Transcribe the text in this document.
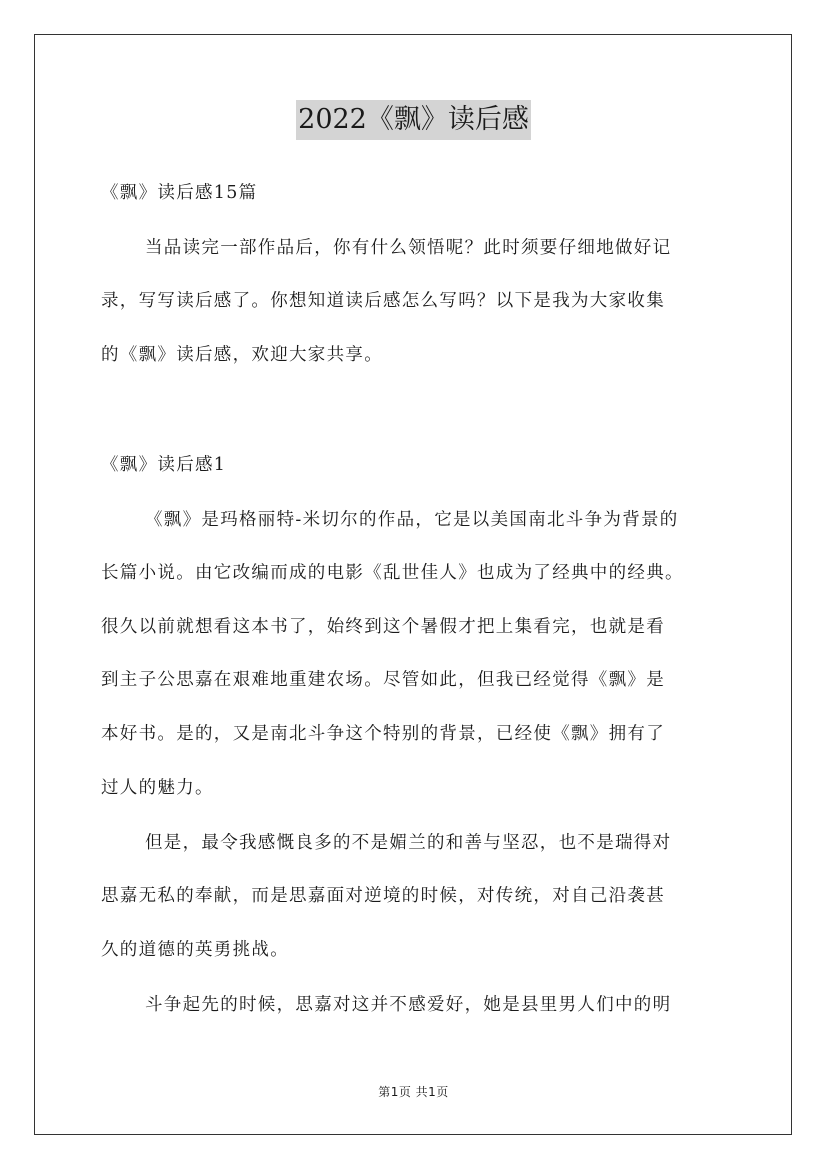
2022《飘》读后感
《飘》读后感15篇
当品读完一部作品后，你有什么领悟呢？此时须要仔细地做好记
录，写写读后感了。你想知道读后感怎么写吗？以下是我为大家收集
的《飘》读后感，欢迎大家共享。
《飘》读后感1
《飘》是玛格丽特-米切尔的作品，它是以美国南北斗争为背景的
长篇小说。由它改编而成的电影《乱世佳人》也成为了经典中的经典。
很久以前就想看这本书了，始终到这个暑假才把上集看完，也就是看
到主子公思嘉在艰难地重建农场。尽管如此，但我已经觉得《飘》是
本好书。是的，又是南北斗争这个特别的背景，已经使《飘》拥有了
过人的魅力。
但是，最令我感慨良多的不是媚兰的和善与坚忍，也不是瑞得对
思嘉无私的奉献，而是思嘉面对逆境的时候，对传统，对自己沿袭甚
久的道德的英勇挑战。
斗争起先的时候，思嘉对这并不感爱好，她是县里男人们中的明
第1页 共1页
